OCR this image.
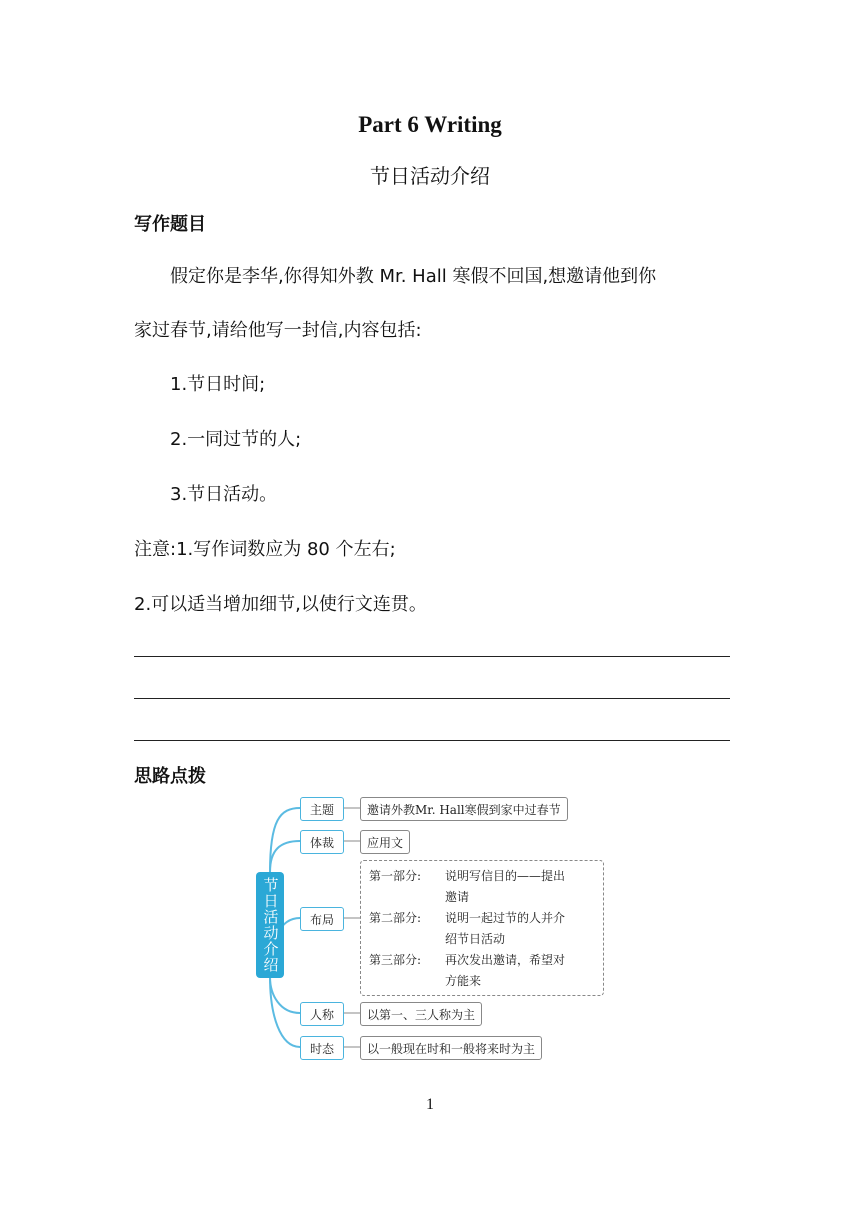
Part 6 Writing
节日活动介绍
写作题目
假定你是李华,你得知外教 Mr. Hall 寒假不回国,想邀请他到你
家过春节,请给他写一封信,内容包括:
1.节日时间;
2.一同过节的人;
3.节日活动。
注意:1.写作词数应为 80 个左右;
2.可以适当增加细节,以使行文连贯。
思路点拨
节日活动介绍
主题	邀请外教Mr. Hall寒假到家中过春节
体裁	应用文
布局
第一部分: 说明写信目的——提出
邀请
第二部分: 说明一起过节的人并介
绍节日活动
第三部分: 再次发出邀请，希望对
方能来
人称	以第一、三人称为主
时态	以一般现在时和一般将来时为主
1
